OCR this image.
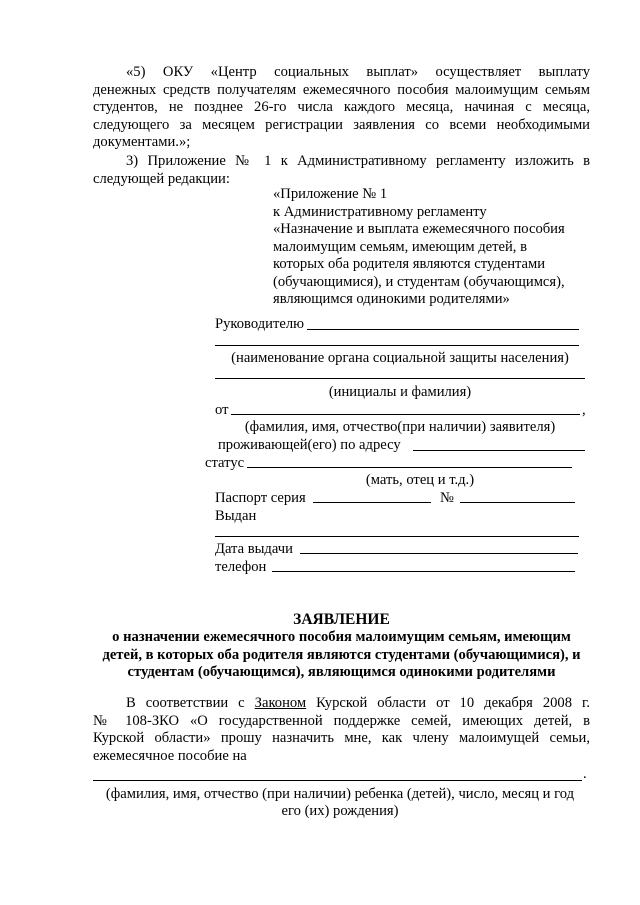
«5) ОКУ «Центр социальных выплат» осуществляет выплату
денежных средств получателям ежемесячного пособия малоимущим семьям
студентов, не позднее 26-го числа каждого месяца, начиная с месяца,
следующего за месяцем регистрации заявления со всеми необходимыми
документами.»;
3) Приложение № 1 к Административному регламенту изложить в
следующей редакции:
«Приложение № 1
к Административному регламенту
«Назначение и выплата ежемесячного пособия
малоимущим семьям, имеющим детей, в
которых оба родителя являются студентами
(обучающимися), и студентам (обучающимся),
являющимся одинокими родителями»
Руководителю
(наименование органа социальной защиты населения)
(инициалы и фамилия)
от	,
(фамилия, имя, отчество(при наличии) заявителя)
проживающей(его) по адресу
статус
(мать, отец и т.д.)
Паспорт серия	№
Выдан
Дата выдачи
телефон
ЗАЯВЛЕНИЕ
о назначении ежемесячного пособия малоимущим семьям, имеющим
детей, в которых оба родителя являются студентами (обучающимися), и
студентам (обучающимся), являющимся одинокими родителями
В соответствии с Законом Курской области от 10 декабря 2008 г.
№ 108-ЗКО «О государственной поддержке семей, имеющих детей, в
Курской области» прошу назначить мне, как члену малоимущей семьи,
ежемесячное пособие на
.
(фамилия, имя, отчество (при наличии) ребенка (детей), число, месяц и год
его (их) рождения)
